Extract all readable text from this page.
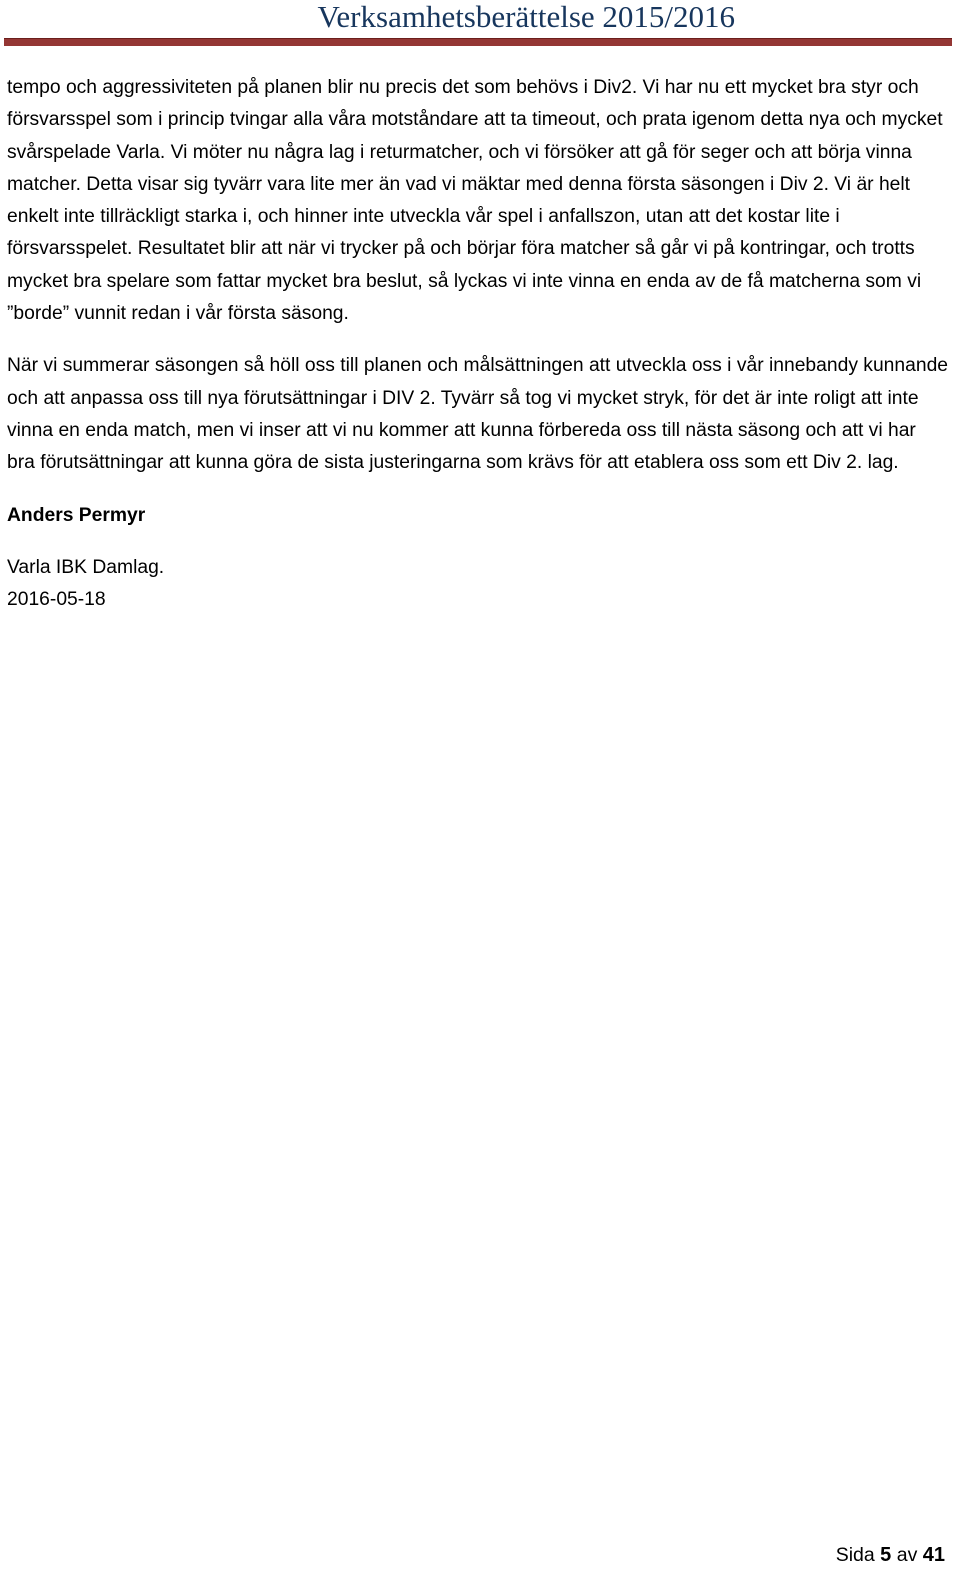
Verksamhetsberättelse 2015/2016

tempo och aggressiviteten på planen blir nu precis det som behövs i Div2. Vi har nu ett mycket bra styr och försvarsspel som i princip tvingar alla våra motståndare att ta timeout, och prata igenom detta nya och mycket svårspelade Varla. Vi möter nu några lag i returmatcher, och vi försöker att gå för seger och att börja vinna matcher. Detta visar sig tyvärr vara lite mer än vad vi mäktar med denna första säsongen i Div 2. Vi är helt enkelt inte tillräckligt starka i, och hinner inte utveckla vår spel i anfallszon, utan att det kostar lite i försvarsspelet. Resultatet blir att när vi trycker på och börjar föra matcher så går vi på kontringar, och trotts mycket bra spelare som fattar mycket bra beslut, så lyckas vi inte vinna en enda av de få matcherna som vi ”borde” vunnit redan i vår första säsong.

När vi summerar säsongen så höll oss till planen och målsättningen att utveckla oss i vår innebandy kunnande och att anpassa oss till nya förutsättningar i DIV 2. Tyvärr så tog vi mycket stryk, för det är inte roligt att inte vinna en enda match, men vi inser att vi nu kommer att kunna förbereda oss till nästa säsong och att vi har bra förutsättningar att kunna göra de sista justeringarna som krävs för att etablera oss som ett Div 2. lag.

Anders Permyr

Varla IBK Damlag.

2016-05-18

Sida 5 av 41
